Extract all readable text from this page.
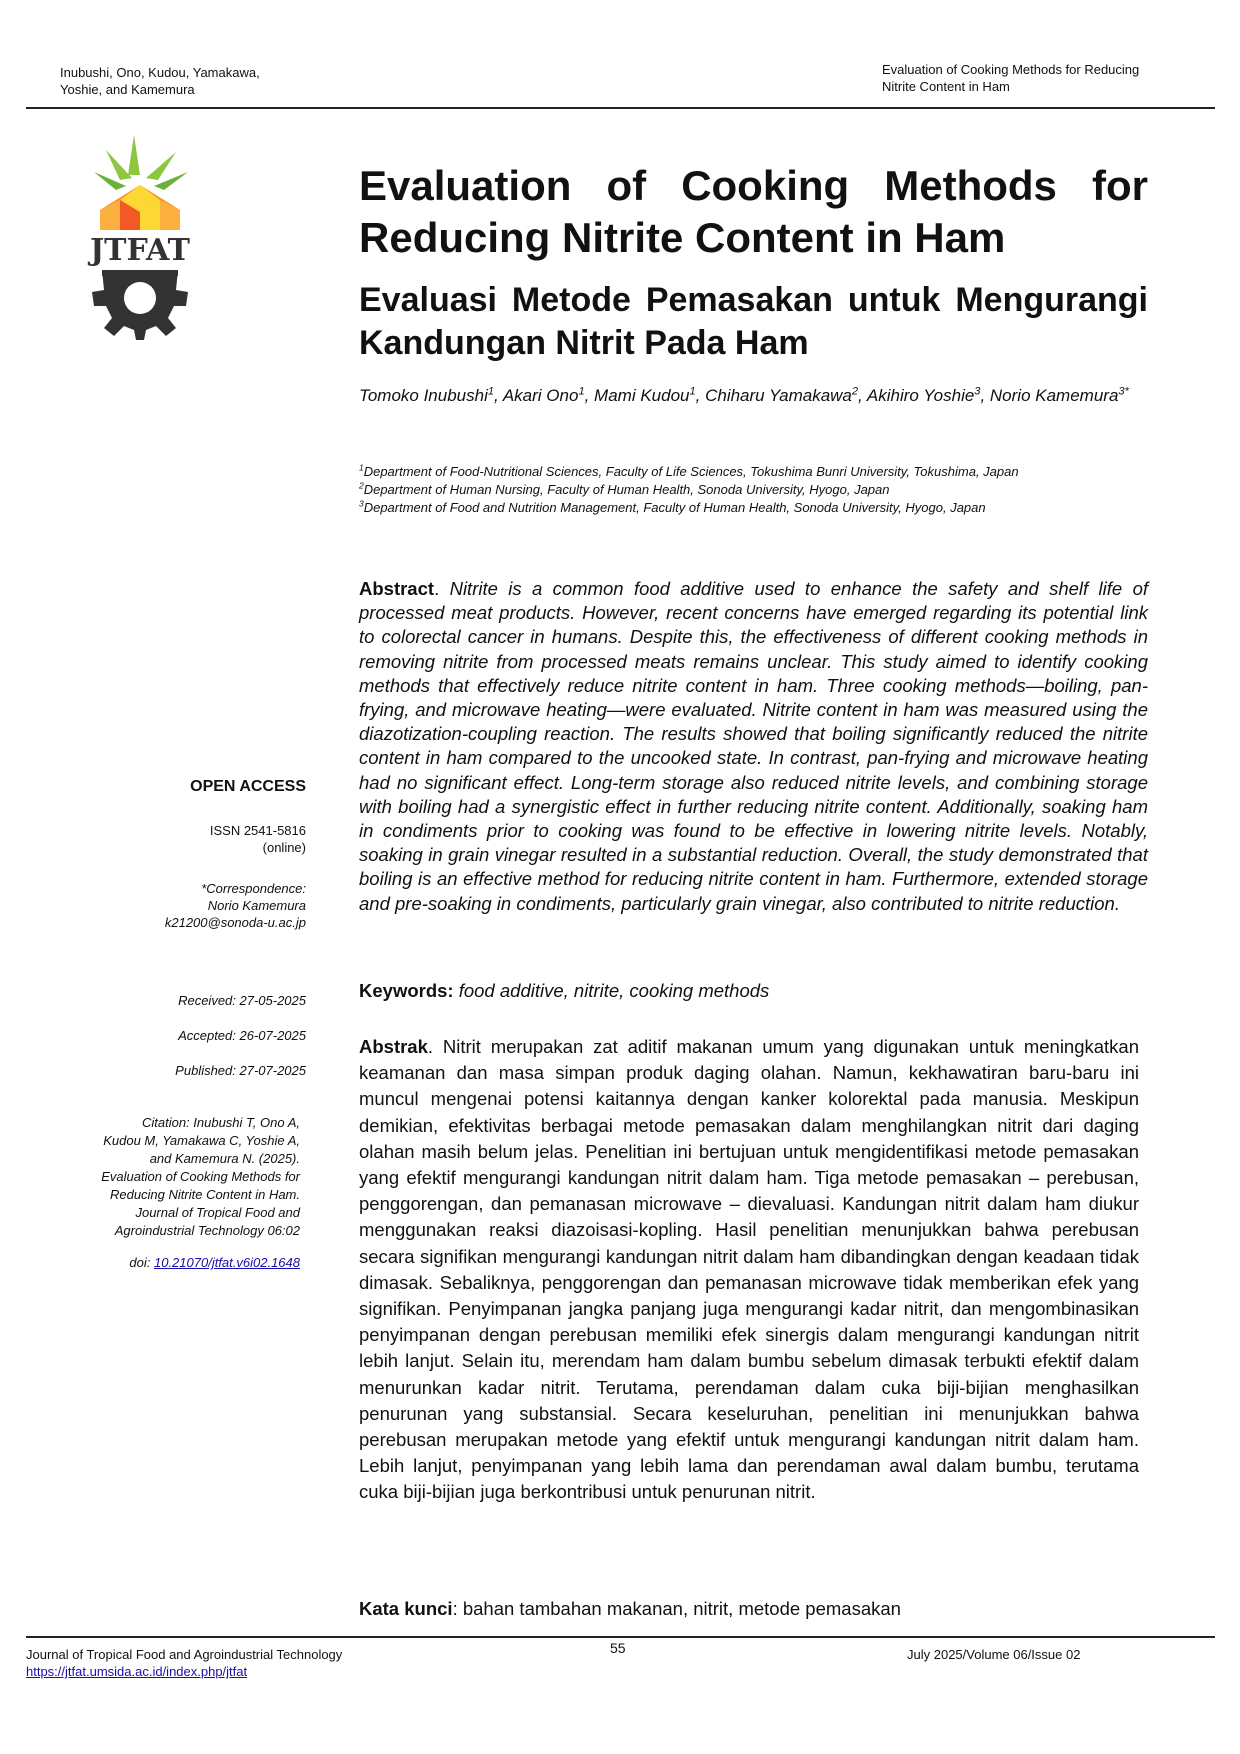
Inubushi, Ono, Kudou, Yamakawa,
Yoshie, and Kamemura
Evaluation of Cooking Methods for Reducing
Nitrite Content in Ham
JTFAT
Evaluation of Cooking Methods for Reducing Nitrite Content in Ham
Evaluasi Metode Pemasakan untuk Mengurangi Kandungan Nitrit Pada Ham
Tomoko Inubushi$^1$, Akari Ono$^1$, Mami Kudou$^1$, Chiharu Yamakawa$^2$, Akihiro Yoshie$^3$, Norio Kamemura$^{3*}$
$^1$Department of Food-Nutritional Sciences, Faculty of Life Sciences, Tokushima Bunri University, Tokushima, Japan
$^2$Department of Human Nursing, Faculty of Human Health, Sonoda University, Hyogo, Japan
$^3$Department of Food and Nutrition Management, Faculty of Human Health, Sonoda University, Hyogo, Japan
Abstract. Nitrite is a common food additive used to enhance the safety and shelf life of processed meat products. However, recent concerns have emerged regarding its potential link to colorectal cancer in humans. Despite this, the effectiveness of different cooking methods in removing nitrite from processed meats remains unclear. This study aimed to identify cooking methods that effectively reduce nitrite content in ham. Three cooking methods—boiling, pan-frying, and microwave heating—were evaluated. Nitrite content in ham was measured using the diazotization-coupling reaction. The results showed that boiling significantly reduced the nitrite content in ham compared to the uncooked state. In contrast, pan-frying and microwave heating had no significant effect. Long-term storage also reduced nitrite levels, and combining storage with boiling had a synergistic effect in further reducing nitrite content. Additionally, soaking ham in condiments prior to cooking was found to be effective in lowering nitrite levels. Notably, soaking in grain vinegar resulted in a substantial reduction. Overall, the study demonstrated that boiling is an effective method for reducing nitrite content in ham. Furthermore, extended storage and pre-soaking in condiments, particularly grain vinegar, also contributed to nitrite reduction.
Keywords: food additive, nitrite, cooking methods
Abstrak. Nitrit merupakan zat aditif makanan umum yang digunakan untuk meningkatkan keamanan dan masa simpan produk daging olahan. Namun, kekhawatiran baru-baru ini muncul mengenai potensi kaitannya dengan kanker kolorektal pada manusia. Meskipun demikian, efektivitas berbagai metode pemasakan dalam menghilangkan nitrit dari daging olahan masih belum jelas. Penelitian ini bertujuan untuk mengidentifikasi metode pemasakan yang efektif mengurangi kandungan nitrit dalam ham. Tiga metode pemasakan – perebusan, penggorengan, dan pemanasan microwave – dievaluasi. Kandungan nitrit dalam ham diukur menggunakan reaksi diazoisasi-kopling. Hasil penelitian menunjukkan bahwa perebusan secara signifikan mengurangi kandungan nitrit dalam ham dibandingkan dengan keadaan tidak dimasak. Sebaliknya, penggorengan dan pemanasan microwave tidak memberikan efek yang signifikan. Penyimpanan jangka panjang juga mengurangi kadar nitrit, dan mengombinasikan penyimpanan dengan perebusan memiliki efek sinergis dalam mengurangi kandungan nitrit lebih lanjut. Selain itu, merendam ham dalam bumbu sebelum dimasak terbukti efektif dalam menurunkan kadar nitrit. Terutama, perendaman dalam cuka biji-bijian menghasilkan penurunan yang substansial. Secara keseluruhan, penelitian ini menunjukkan bahwa perebusan merupakan metode yang efektif untuk mengurangi kandungan nitrit dalam ham. Lebih lanjut, penyimpanan yang lebih lama dan perendaman awal dalam bumbu, terutama cuka biji-bijian juga berkontribusi untuk penurunan nitrit.
Kata kunci: bahan tambahan makanan, nitrit, metode pemasakan
OPEN ACCESS
ISSN 2541-5816
(online)
*Correspondence:
Norio Kamemura
k21200@sonoda-u.ac.jp
Received: 27-05-2025
Accepted: 26-07-2025
Published: 27-07-2025
Citation: Inubushi T, Ono A,
Kudou M, Yamakawa C, Yoshie A,
and Kamemura N. (2025).
Evaluation of Cooking Methods for
Reducing Nitrite Content in Ham.
Journal of Tropical Food and
Agroindustrial Technology 06:02
doi: 10.21070/jtfat.v6i02.1648
Journal of Tropical Food and Agroindustrial Technology
https://jtfat.umsida.ac.id/index.php/jtfat
55	July 2025/Volume 06/Issue 02
